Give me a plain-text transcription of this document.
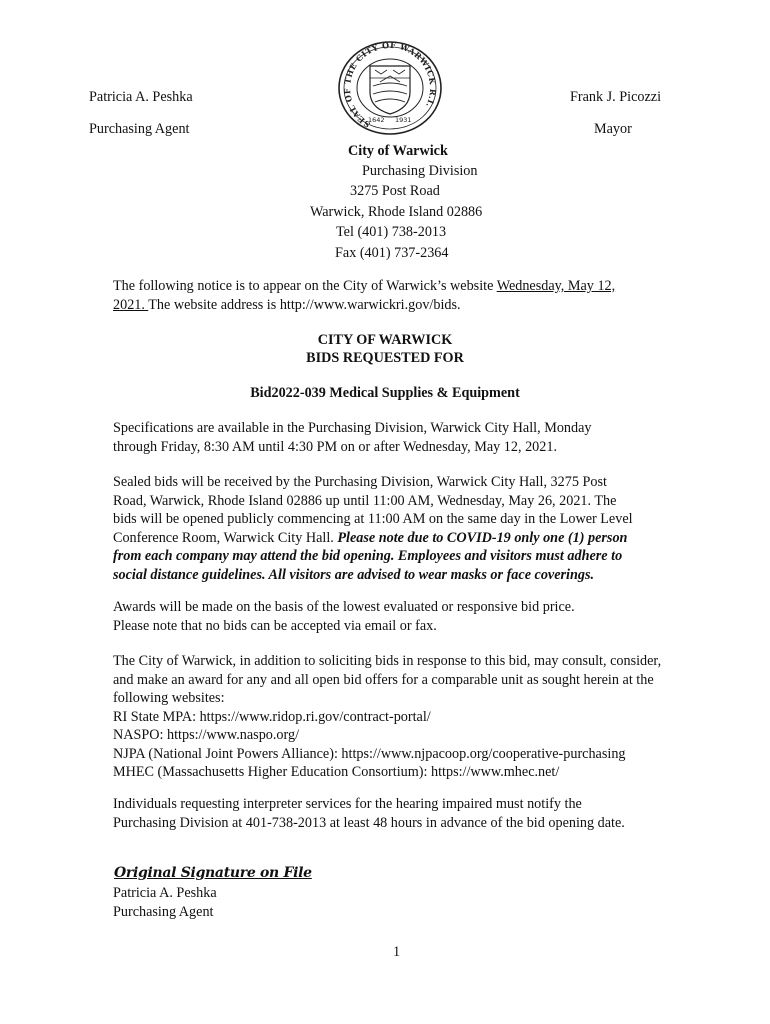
SEAL OF THE CITY OF WARWICK R.I.
1642 1931
Patricia A. Peshka
Purchasing Agent
Frank J. Picozzi
Mayor
City of Warwick
Purchasing Division
3275 Post Road
Warwick, Rhode Island 02886
Tel (401) 738-2013
Fax (401) 737-2364
The following notice is to appear on the City of Warwick’s website Wednesday, May 12,
2021. The website address is http://www.warwickri.gov/bids.
CITY OF WARWICK
BIDS REQUESTED FOR
Bid2022-039 Medical Supplies & Equipment
Specifications are available in the Purchasing Division, Warwick City Hall, Monday
through Friday, 8:30 AM until 4:30 PM on or after Wednesday, May 12, 2021.
Sealed bids will be received by the Purchasing Division, Warwick City Hall, 3275 Post
Road, Warwick, Rhode Island 02886 up until 11:00 AM, Wednesday, May 26, 2021. The
bids will be opened publicly commencing at 11:00 AM on the same day in the Lower Level
Conference Room, Warwick City Hall. Please note due to COVID-19 only one (1) person
from each company may attend the bid opening. Employees and visitors must adhere to
social distance guidelines. All visitors are advised to wear masks or face coverings.
Awards will be made on the basis of the lowest evaluated or responsive bid price.
Please note that no bids can be accepted via email or fax.
The City of Warwick, in addition to soliciting bids in response to this bid, may consult, consider,
and make an award for any and all open bid offers for a comparable unit as sought herein at the
following websites:
RI State MPA: https://www.ridop.ri.gov/contract-portal/
NASPO: https://www.naspo.org/
NJPA (National Joint Powers Alliance): https://www.njpacoop.org/cooperative-purchasing
MHEC (Massachusetts Higher Education Consortium): https://www.mhec.net/
Individuals requesting interpreter services for the hearing impaired must notify the
Purchasing Division at 401-738-2013 at least 48 hours in advance of the bid opening date.
Original Signature on File
Patricia A. Peshka
Purchasing Agent
1
